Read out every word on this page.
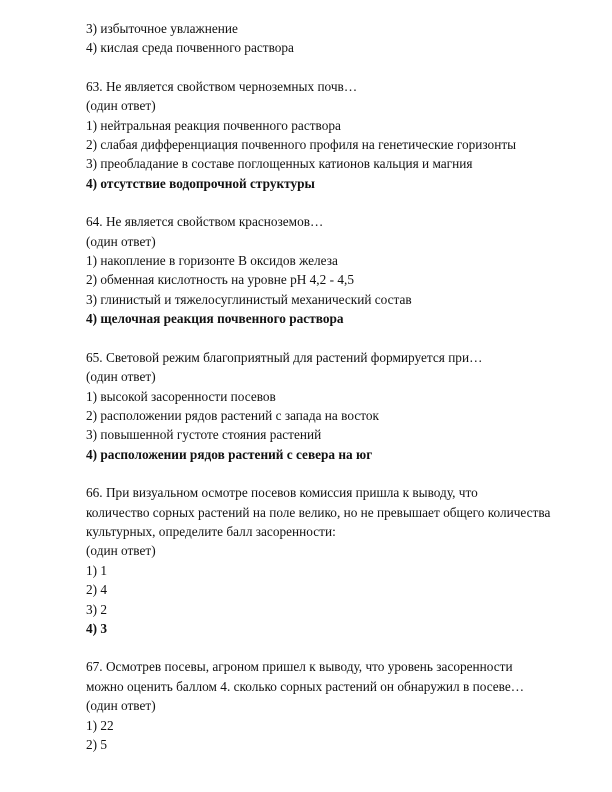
3) избыточное увлажнение
4) кислая среда почвенного раствора
63. Не является свойством черноземных почв…
(один ответ)
1) нейтральная реакция почвенного раствора
2) слабая дифференциация почвенного профиля на генетические горизонты
3) преобладание в составе поглощенных катионов кальция и магния
4) отсутствие водопрочной структуры
64. Не является свойством красноземов…
(один ответ)
1) накопление в горизонте B оксидов железа
2) обменная кислотность на уровне pH 4,2 - 4,5
3) глинистый и тяжелосуглинистый механический состав
4) щелочная реакция почвенного раствора
65. Световой режим благоприятный для растений формируется при…
(один ответ)
1) высокой засоренности посевов
2) расположении рядов растений с запада на восток
3) повышенной густоте стояния растений
4) расположении рядов растений с севера на юг
66. При визуальном осмотре посевов комиссия пришла к выводу, что
количество сорных растений на поле велико, но не превышает общего количества
культурных, определите балл засоренности:
(один ответ)
1) 1
2) 4
3) 2
4) 3
67. Осмотрев посевы, агроном пришел к выводу, что уровень засоренности
можно оценить баллом 4. сколько сорных растений он обнаружил в посеве…
(один ответ)
1) 22
2) 5
